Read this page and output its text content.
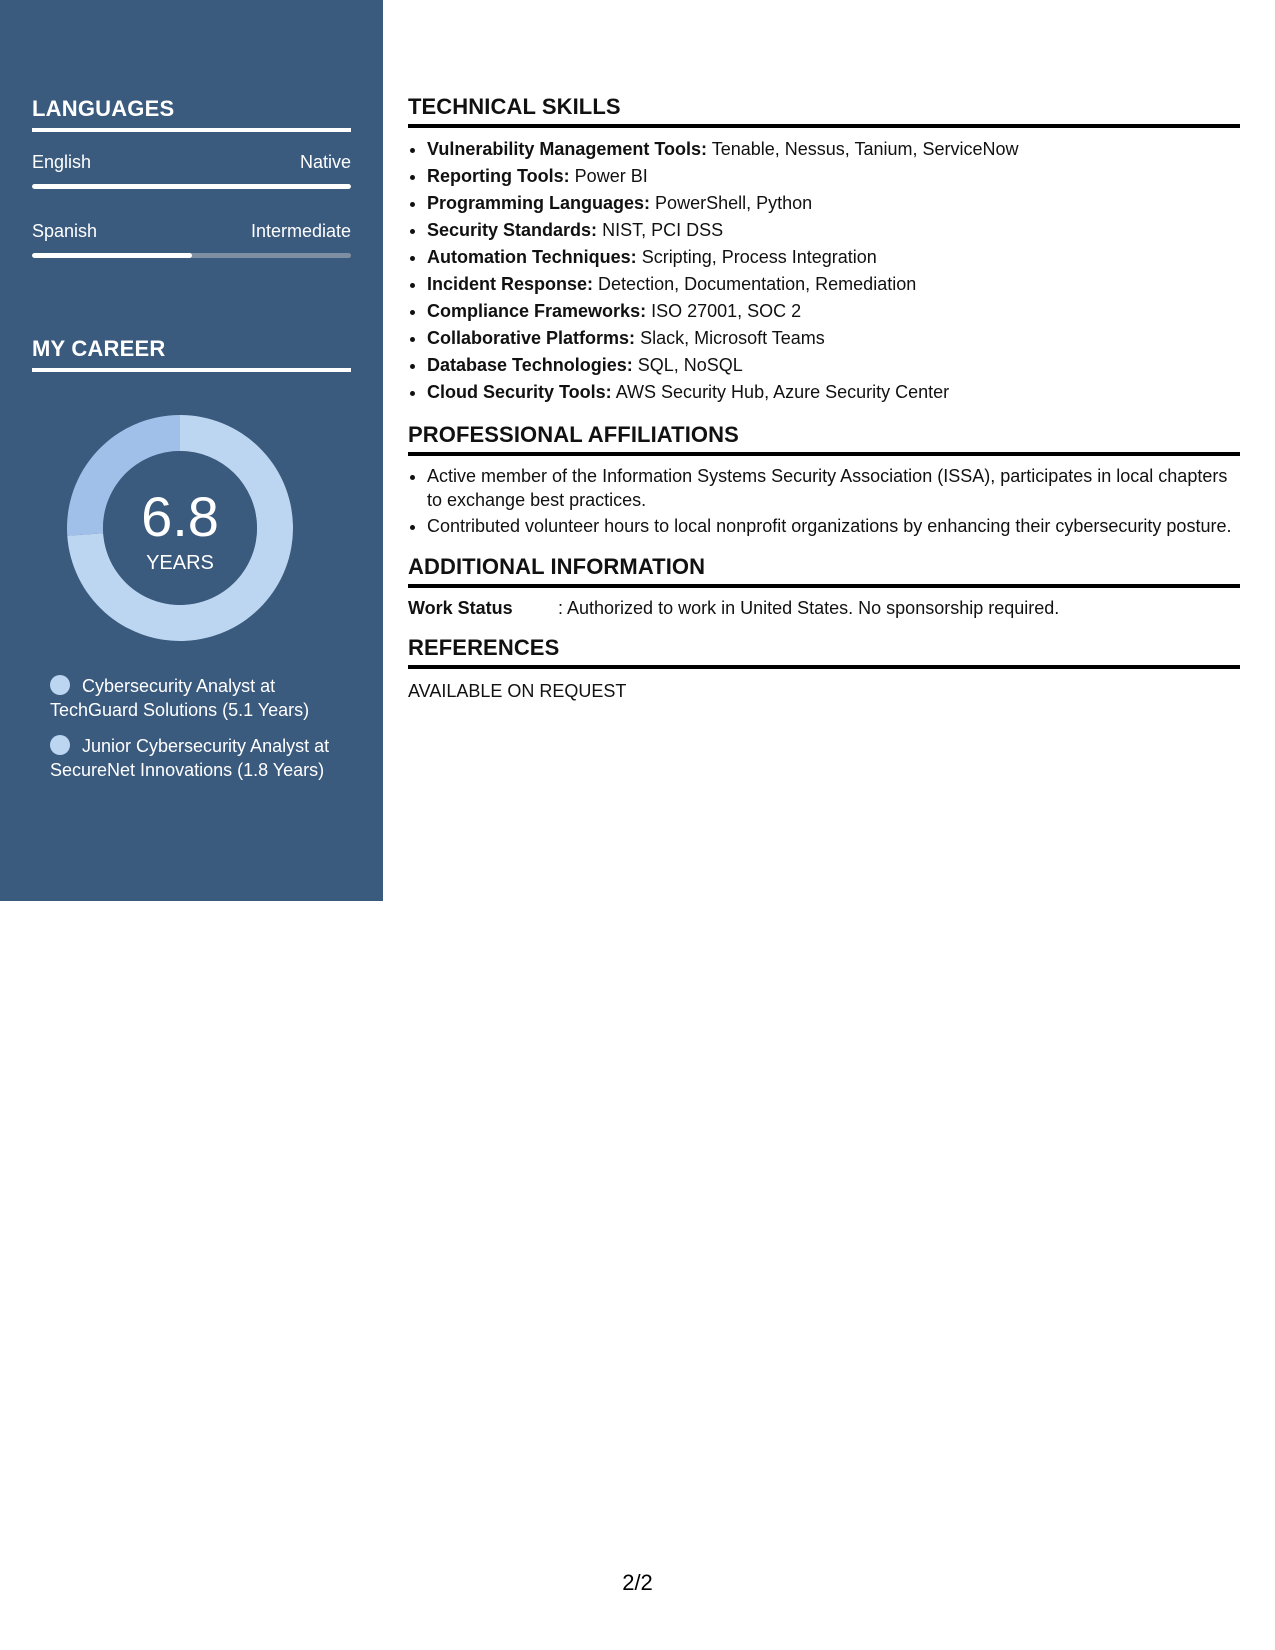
LANGUAGES
English	Native
Spanish	Intermediate
MY CAREER
6.8
YEARS
Cybersecurity Analyst at TechGuard Solutions (5.1 Years)
Junior Cybersecurity Analyst at SecureNet Innovations (1.8 Years)
TECHNICAL SKILLS
• Vulnerability Management Tools: Tenable, Nessus, Tanium, ServiceNow
• Reporting Tools: Power BI
• Programming Languages: PowerShell, Python
• Security Standards: NIST, PCI DSS
• Automation Techniques: Scripting, Process Integration
• Incident Response: Detection, Documentation, Remediation
• Compliance Frameworks: ISO 27001, SOC 2
• Collaborative Platforms: Slack, Microsoft Teams
• Database Technologies: SQL, NoSQL
• Cloud Security Tools: AWS Security Hub, Azure Security Center
PROFESSIONAL AFFILIATIONS
• Active member of the Information Systems Security Association (ISSA), participates in local chapters to exchange best practices.
• Contributed volunteer hours to local nonprofit organizations by enhancing their cybersecurity posture.
ADDITIONAL INFORMATION
Work Status	: Authorized to work in United States. No sponsorship required.
REFERENCES
AVAILABLE ON REQUEST
2/2
